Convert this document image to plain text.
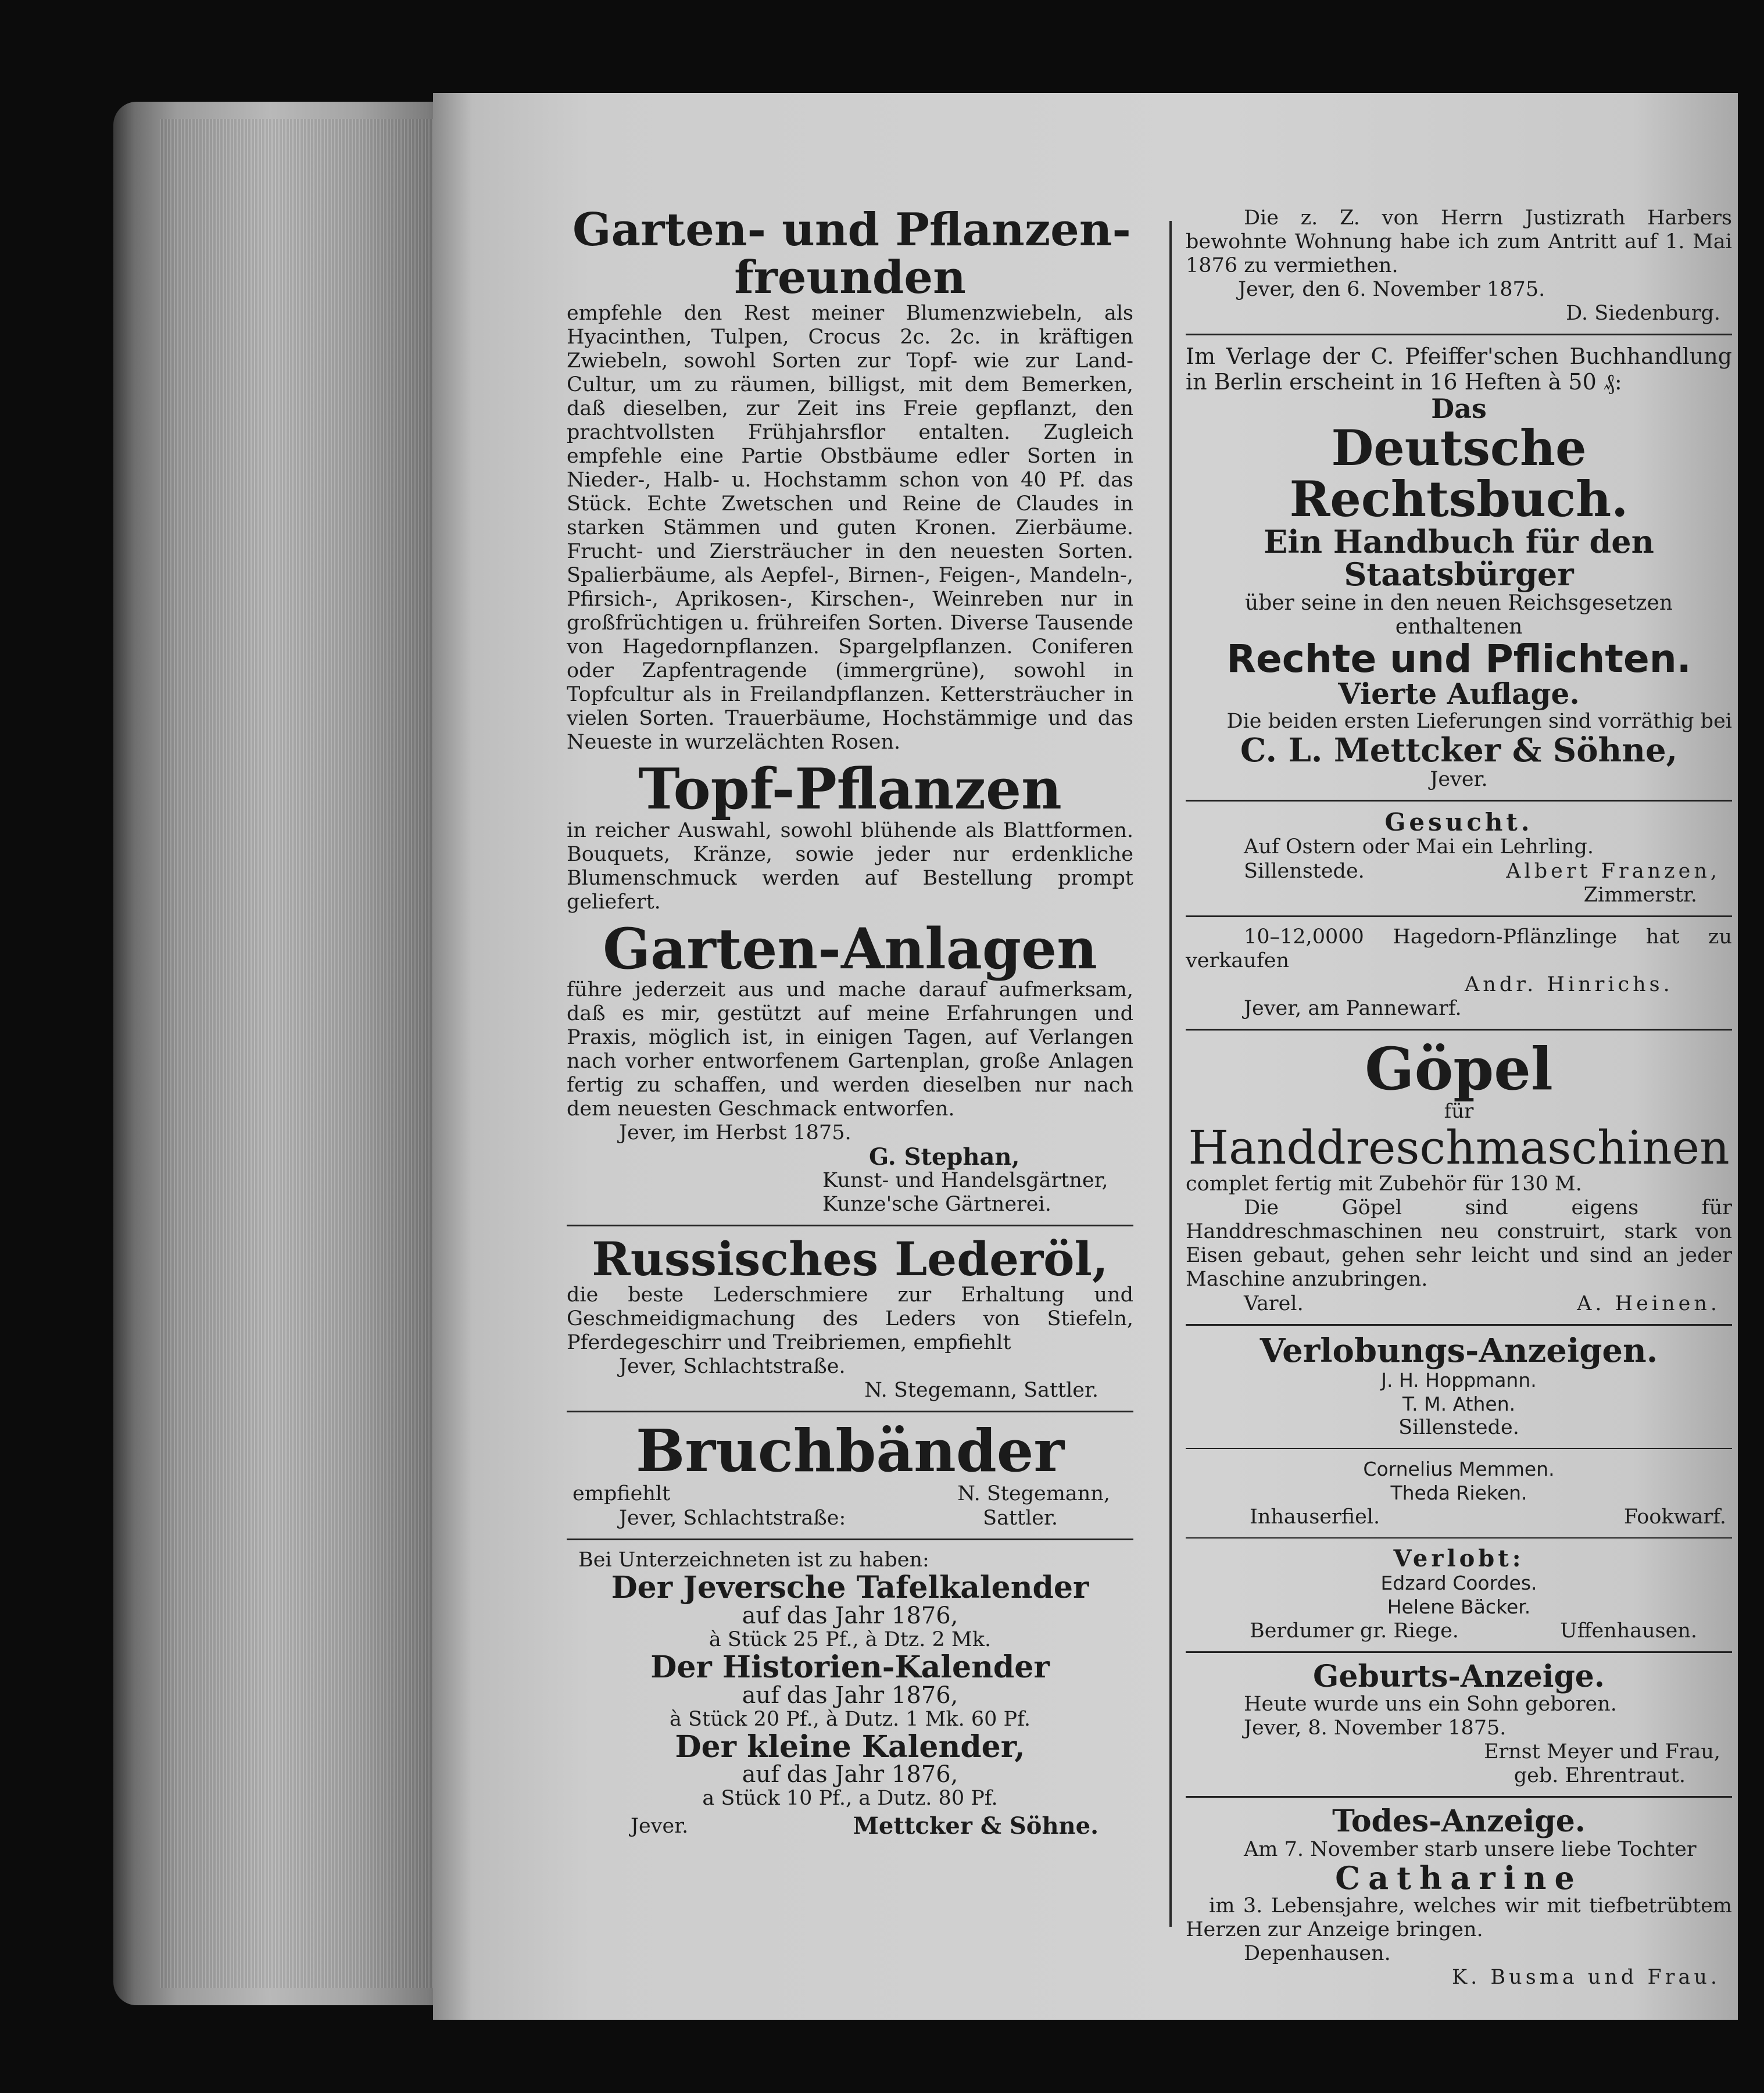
Garten- und Pflanzen-
freunden

empfehle den Rest meiner Blumenzwiebeln, als Hyacinthen, Tulpen, Crocus 2c. 2c. in kräftigen Zwiebeln, sowohl Sorten zur Topf- wie zur Land-Cultur, um zu räumen, billigst, mit dem Bemerken, daß dieselben, zur Zeit ins Freie gepflanzt, den prachtvollsten Frühjahrsflor entalten. Zugleich empfehle eine Partie Obstbäume edler Sorten in Nieder-, Halb- u. Hochstamm schon von 40 Pf. das Stück. Echte Zwetschen und Reine de Claudes in starken Stämmen und guten Kronen. Zierbäume. Frucht- und Ziersträucher in den neuesten Sorten. Spalierbäume, als Aepfel-, Birnen-, Feigen-, Mandeln-, Pfirsich-, Aprikosen-, Kirschen-, Weinreben nur in großfrüchtigen u. frühreifen Sorten. Diverse Tausende von Hagedornpflanzen. Spargelpflanzen. Coniferen oder Zapfentragende (immergrüne), sowohl in Topfcultur als in Freilandpflanzen. Kettersträucher in vielen Sorten. Trauerbäume, Hochstämmige und das Neueste in wurzelächten Rosen.

Topf-Pflanzen

in reicher Auswahl, sowohl blühende als Blattformen. Bouquets, Kränze, sowie jeder nur erdenkliche Blumenschmuck werden auf Bestellung prompt geliefert.

Garten-Anlagen

führe jederzeit aus und mache darauf aufmerksam, daß es mir, gestützt auf meine Erfahrungen und Praxis, möglich ist, in einigen Tagen, auf Verlangen nach vorher entworfenem Gartenplan, große Anlagen fertig zu schaffen, und werden dieselben nur nach dem neuesten Geschmack entworfen.

Jever, im Herbst 1875.
G. Stephan,
Kunst- und Handelsgärtner,
Kunze'sche Gärtnerei.
Russisches Lederöl,

die beste Lederschmiere zur Erhaltung und Geschmeidigmachung des Leders von Stiefeln, Pferdegeschirr und Treibriemen, empfiehlt

Jever, Schlachtstraße.
N. Stegemann, Sattler.
Bruchbänder
empfiehlt	N. Stegemann,
Jever, Schlachtstraße:	Sattler.
Bei Unterzeichneten ist zu haben:
Der Jeversche Tafelkalender
auf das Jahr 1876,
à Stück 25 Pf., à Dtz. 2 Mk.
Der Historien-Kalender
auf das Jahr 1876,
à Stück 20 Pf., à Dutz. 1 Mk. 60 Pf.
Der kleine Kalender,
auf das Jahr 1876,
a Stück 10 Pf., a Dutz. 80 Pf.
Jever.	Mettcker & Söhne.

Die z. Z. von Herrn Justizrath Harbers bewohnte Wohnung habe ich zum Antritt auf 1. Mai 1876 zu vermiethen.

Jever, den 6. November 1875.
D. Siedenburg.

Im Verlage der C. Pfeiffer'schen Buchhandlung in Berlin erscheint in 16 Heften à 50 ₰:

Das
Deutsche Rechtsbuch.
Ein Handbuch für den Staatsbürger
über seine in den neuen Reichsgesetzen enthaltenen
Rechte und Pflichten.
Vierte Auflage.
Die beiden ersten Lieferungen sind vorräthig bei
C. L. Mettcker & Söhne,
Jever.
Gesucht.
Auf Ostern oder Mai ein Lehrling.
Sillenstede.	Albert Franzen,
Zimmerstr.

10–12,0000 Hagedorn-Pflänzlinge hat zu verkaufen

Andr. Hinrichs.
Jever, am Pannewarf.
Göpel
für
Handdreschmaschinen
complet fertig mit Zubehör für 130 M.

Die Göpel sind eigens für Handdreschmaschinen neu construirt, stark von Eisen gebaut, gehen sehr leicht und sind an jeder Maschine anzubringen.

Varel.	A. Heinen.
Verlobungs-Anzeigen.
J. H. Hoppmann.
T. M. Athen.
Sillenstede.
Cornelius Memmen.
Theda Rieken.
Inhauserfiel.	Fookwarf.
Verlobt:
Edzard Coordes.
Helene Bäcker.
Berdumer gr. Riege.	Uffenhausen.
Geburts-Anzeige.
Heute wurde uns ein Sohn geboren.
Jever, 8. November 1875.
Ernst Meyer und Frau,
geb. Ehrentraut.
Todes-Anzeige.
Am 7. November starb unsere liebe Tochter
Catharine

im 3. Lebensjahre, welches wir mit tiefbetrübtem Herzen zur Anzeige bringen.

Depenhausen.
K. Busma und Frau.
